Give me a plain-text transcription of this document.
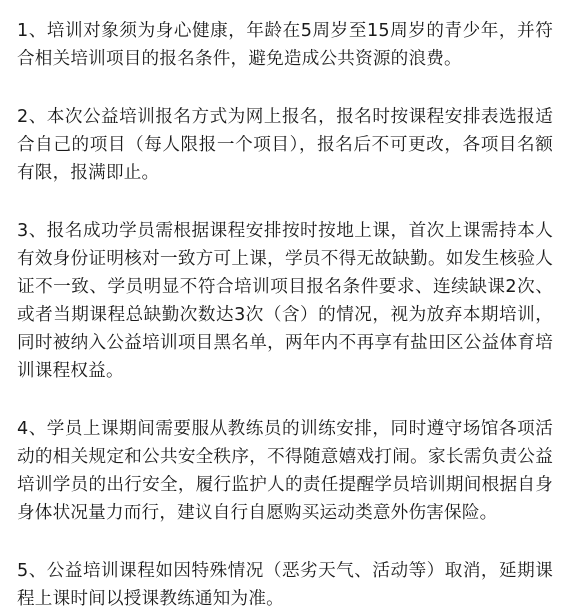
1、培训对象须为身心健康，年龄在5周岁至15周岁的青少年，并符合相关培训项目的报名条件，避免造成公共资源的浪费。

2、本次公益培训报名方式为网上报名，报名时按课程安排表选报适合自己的项目（每人限报一个项目），报名后不可更改，各项目名额有限，报满即止。

3、报名成功学员需根据课程安排按时按地上课，首次上课需持本人有效身份证明核对一致方可上课，学员不得无故缺勤。如发生核验人证不一致、学员明显不符合培训项目报名条件要求、连续缺课2次、或者当期课程总缺勤次数达3次（含）的情况，视为放弃本期培训，同时被纳入公益培训项目黑名单，两年内不再享有盐田区公益体育培训课程权益。

4、学员上课期间需要服从教练员的训练安排，同时遵守场馆各项活动的相关规定和公共安全秩序，不得随意嬉戏打闹。家长需负责公益培训学员的出行安全，履行监护人的责任提醒学员培训期间根据自身身体状况量力而行，建议自行自愿购买运动类意外伤害保险。

5、公益培训课程如因特殊情况（恶劣天气、活动等）取消，延期课程上课时间以授课教练通知为准。
